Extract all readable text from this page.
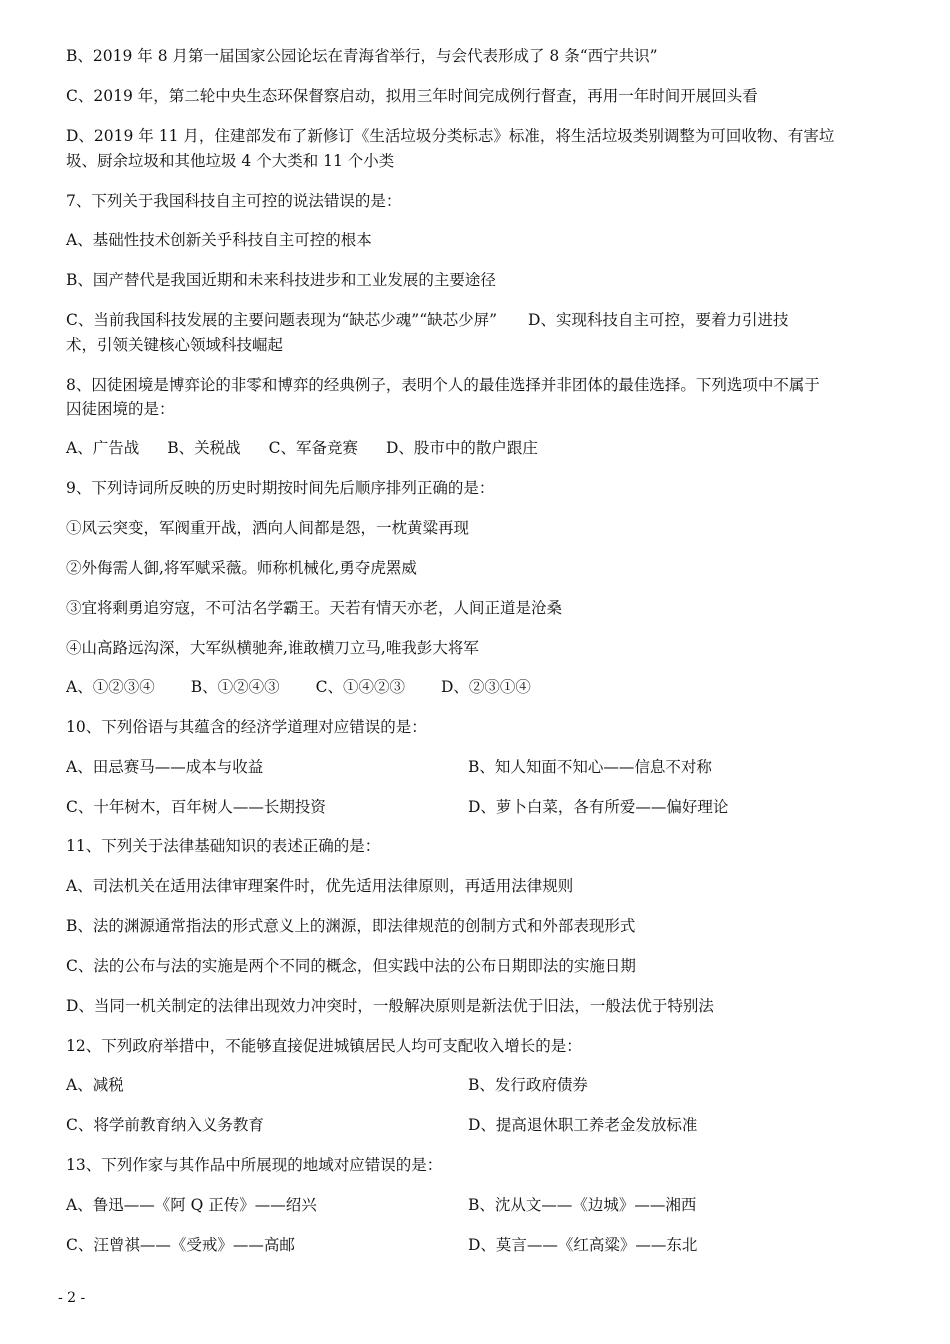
B、2019 年 8 月第一届国家公园论坛在青海省举行，与会代表形成了 8 条“西宁共识”
C、2019 年，第二轮中央生态环保督察启动，拟用三年时间完成例行督查，再用一年时间开展回头看
D、2019 年 11 月，住建部发布了新修订《生活垃圾分类标志》标准，将生活垃圾类别调整为可回收物、有害垃
圾、厨余垃圾和其他垃圾 4 个大类和 11 个小类
7、下列关于我国科技自主可控的说法错误的是：
A、基础性技术创新关乎科技自主可控的根本
B、国产替代是我国近期和未来科技进步和工业发展的主要途径
C、当前我国科技发展的主要问题表现为“缺芯少魂”“缺芯少屏”　　D、实现科技自主可控，要着力引进技
术，引领关键核心领域科技崛起
8、囚徒困境是博弈论的非零和博弈的经典例子，表明个人的最佳选择并非团体的最佳选择。下列选项中不属于
囚徒困境的是：
A、广告战 B、关税战 C、军备竞赛 D、股市中的散户跟庄
9、下列诗词所反映的历史时期按时间先后顺序排列正确的是：
①风云突变，军阀重开战，洒向人间都是怨，一枕黄粱再现
②外侮需人御,将军赋采薇。师称机械化,勇夺虎罴威
③宜将剩勇追穷寇，不可沽名学霸王。天若有情天亦老，人间正道是沧桑
④山高路远沟深，大军纵横驰奔,谁敢横刀立马,唯我彭大将军
A、①②③④ B、①②④③ C、①④②③ D、②③①④
10、下列俗语与其蕴含的经济学道理对应错误的是：
A、田忌赛马——成本与收益	B、知人知面不知心——信息不对称
C、十年树木，百年树人——长期投资	D、萝卜白菜，各有所爱——偏好理论
11、下列关于法律基础知识的表述正确的是：
A、司法机关在适用法律审理案件时，优先适用法律原则，再适用法律规则
B、法的渊源通常指法的形式意义上的渊源，即法律规范的创制方式和外部表现形式
C、法的公布与法的实施是两个不同的概念，但实践中法的公布日期即法的实施日期
D、当同一机关制定的法律出现效力冲突时，一般解决原则是新法优于旧法，一般法优于特别法
12、下列政府举措中，不能够直接促进城镇居民人均可支配收入增长的是：
A、减税	B、发行政府债券
C、将学前教育纳入义务教育	D、提高退休职工养老金发放标准
13、下列作家与其作品中所展现的地域对应错误的是：
A、鲁迅——《阿 Q 正传》——绍兴	B、沈从文——《边城》——湘西
C、汪曾祺——《受戒》——高邮	D、莫言——《红高粱》——东北
- 2 -
